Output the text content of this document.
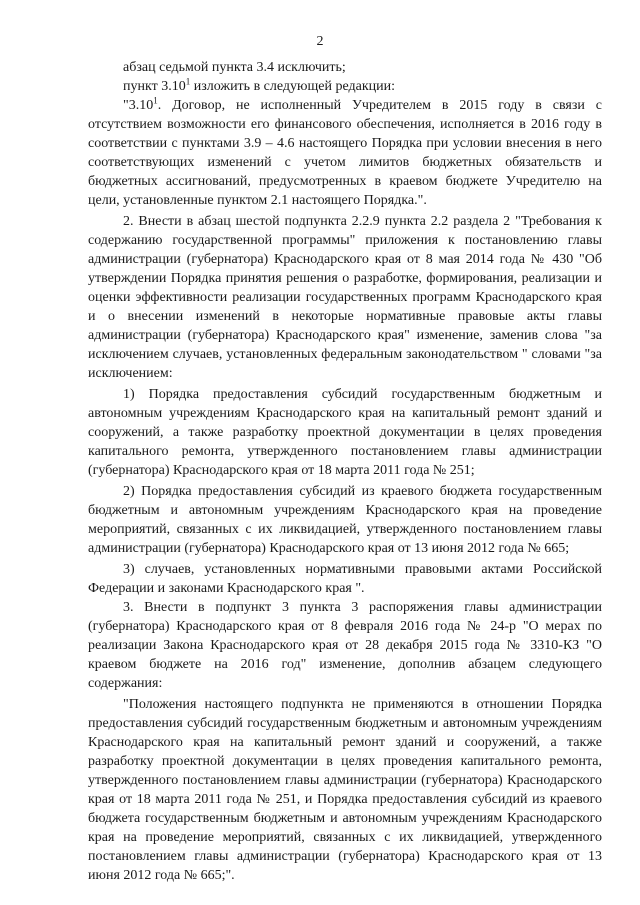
2

абзац седьмой пункта 3.4 исключить;

пункт 3.10$^1$ изложить в следующей редакции:

"3.10$^1$. Договор, не исполненный Учредителем в 2015 году в связи с отсутствием возможности его финансового обеспечения, исполняется в 2016 году в соответствии с пунктами 3.9 – 4.6 настоящего Порядка при условии внесения в него соответствующих изменений с учетом лимитов бюджетных обязательств и бюджетных ассигнований, предусмотренных в краевом бюджете Учредителю на цели, установленные пунктом 2.1 настоящего Порядка.".

2. Внести в абзац шестой подпункта 2.2.9 пункта 2.2 раздела 2 "Требования к содержанию государственной программы" приложения к постановлению главы администрации (губернатора) Краснодарского края от 8 мая 2014 года № 430 "Об утверждении Порядка принятия решения о разработке, формирования, реализации и оценки эффективности реализации государственных программ Краснодарского края и о внесении изменений в некоторые нормативные правовые акты главы администрации (губернатора) Краснодарского края" изменение, заменив слова "за исключением случаев, установленных федеральным законодательством " словами "за исключением:

1) Порядка предоставления субсидий государственным бюджетным и автономным учреждениям Краснодарского края на капитальный ремонт зданий и сооружений, а также разработку проектной документации в целях проведения капитального ремонта, утвержденного постановлением главы администрации (губернатора) Краснодарского края от 18 марта 2011 года № 251;

2) Порядка предоставления субсидий из краевого бюджета государственным бюджетным и автономным учреждениям Краснодарского края на проведение мероприятий, связанных с их ликвидацией, утвержденного постановлением главы администрации (губернатора) Краснодарского края от 13 июня 2012 года № 665;

3) случаев, установленных нормативными правовыми актами Российской Федерации и законами Краснодарского края ".

3. Внести в подпункт 3 пункта 3 распоряжения главы администрации (губернатора) Краснодарского края от 8 февраля 2016 года № 24-р "О мерах по реализации Закона Краснодарского края от 28 декабря 2015 года № 3310-КЗ "О краевом бюджете на 2016 год" изменение, дополнив абзацем следующего содержания:

"Положения настоящего подпункта не применяются в отношении Порядка предоставления субсидий государственным бюджетным и автономным учреждениям Краснодарского края на капитальный ремонт зданий и сооружений, а также разработку проектной документации в целях проведения капитального ремонта, утвержденного постановлением главы администрации (губернатора) Краснодарского края от 18 марта 2011 года № 251, и Порядка предоставления субсидий из краевого бюджета государственным бюджетным и автономным учреждениям Краснодарского края на проведение мероприятий, связанных с их ликвидацией, утвержденного постановлением главы администрации (губернатора) Краснодарского края от 13 июня 2012 года № 665;".
